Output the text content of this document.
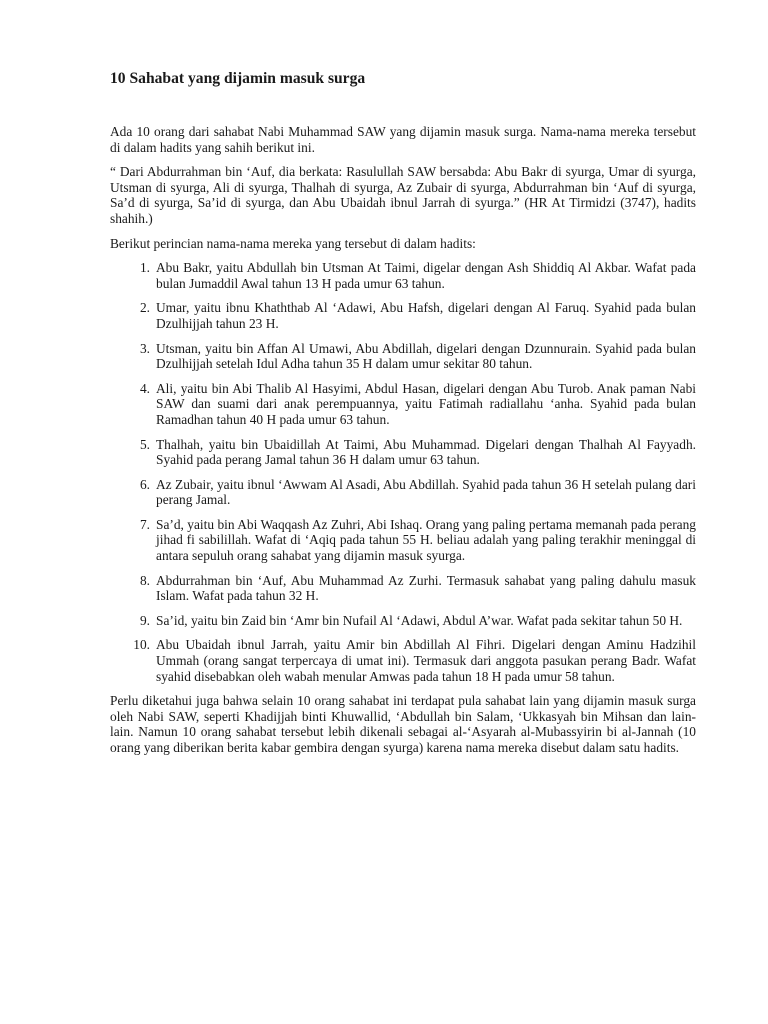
10 Sahabat yang dijamin masuk surga

Ada 10 orang dari sahabat Nabi Muhammad SAW yang dijamin masuk surga. Nama-nama mereka tersebut di dalam hadits yang sahih berikut ini.

“ Dari Abdurrahman bin ‘Auf, dia berkata: Rasulullah SAW bersabda: Abu Bakr di syurga, Umar di syurga, Utsman di syurga, Ali di syurga, Thalhah di syurga, Az Zubair di syurga, Abdurrahman bin ‘Auf di syurga, Sa’d di syurga, Sa’id di syurga, dan Abu Ubaidah ibnul Jarrah di syurga.” (HR At Tirmidzi (3747), hadits shahih.)

Berikut perincian nama-nama mereka yang tersebut di dalam hadits:

1. Abu Bakr, yaitu Abdullah bin Utsman At Taimi, digelar dengan Ash Shiddiq Al Akbar. Wafat pada bulan Jumaddil Awal tahun 13 H pada umur 63 tahun.
2. Umar, yaitu ibnu Khaththab Al ‘Adawi, Abu Hafsh, digelari dengan Al Faruq. Syahid pada bulan Dzulhijjah tahun 23 H.
3. Utsman, yaitu bin Affan Al Umawi, Abu Abdillah, digelari dengan Dzunnurain. Syahid pada bulan Dzulhijjah setelah Idul Adha tahun 35 H dalam umur sekitar 80 tahun.
4. Ali, yaitu bin Abi Thalib Al Hasyimi, Abdul Hasan, digelari dengan Abu Turob. Anak paman Nabi SAW dan suami dari anak perempuannya, yaitu Fatimah radiallahu ‘anha. Syahid pada bulan Ramadhan tahun 40 H pada umur 63 tahun.
5. Thalhah, yaitu bin Ubaidillah At Taimi, Abu Muhammad. Digelari dengan Thalhah Al Fayyadh. Syahid pada perang Jamal tahun 36 H dalam umur 63 tahun.
6. Az Zubair, yaitu ibnul ‘Awwam Al Asadi, Abu Abdillah. Syahid pada tahun 36 H setelah pulang dari perang Jamal.
7. Sa’d, yaitu bin Abi Waqqash Az Zuhri, Abi Ishaq. Orang yang paling pertama memanah pada perang jihad fi sabilillah. Wafat di ‘Aqiq pada tahun 55 H. beliau adalah yang paling terakhir meninggal di antara sepuluh orang sahabat yang dijamin masuk syurga.
8. Abdurrahman bin ‘Auf, Abu Muhammad Az Zurhi. Termasuk sahabat yang paling dahulu masuk Islam. Wafat pada tahun 32 H.
9. Sa’id, yaitu bin Zaid bin ‘Amr bin Nufail Al ‘Adawi, Abdul A’war. Wafat pada sekitar tahun 50 H.
10. Abu Ubaidah ibnul Jarrah, yaitu Amir bin Abdillah Al Fihri. Digelari dengan Aminu Hadzihil Ummah (orang sangat terpercaya di umat ini). Termasuk dari anggota pasukan perang Badr. Wafat syahid disebabkan oleh wabah menular Amwas pada tahun 18 H pada umur 58 tahun.

Perlu diketahui juga bahwa selain 10 orang sahabat ini terdapat pula sahabat lain yang dijamin masuk surga oleh Nabi SAW, seperti Khadijjah binti Khuwallid, ‘Abdullah bin Salam, ‘Ukkasyah bin Mihsan dan lain-lain. Namun 10 orang sahabat tersebut lebih dikenali sebagai al-‘Asyarah al-Mubassyirin bi al-Jannah (10 orang yang diberikan berita kabar gembira dengan syurga) karena nama mereka disebut dalam satu hadits.
